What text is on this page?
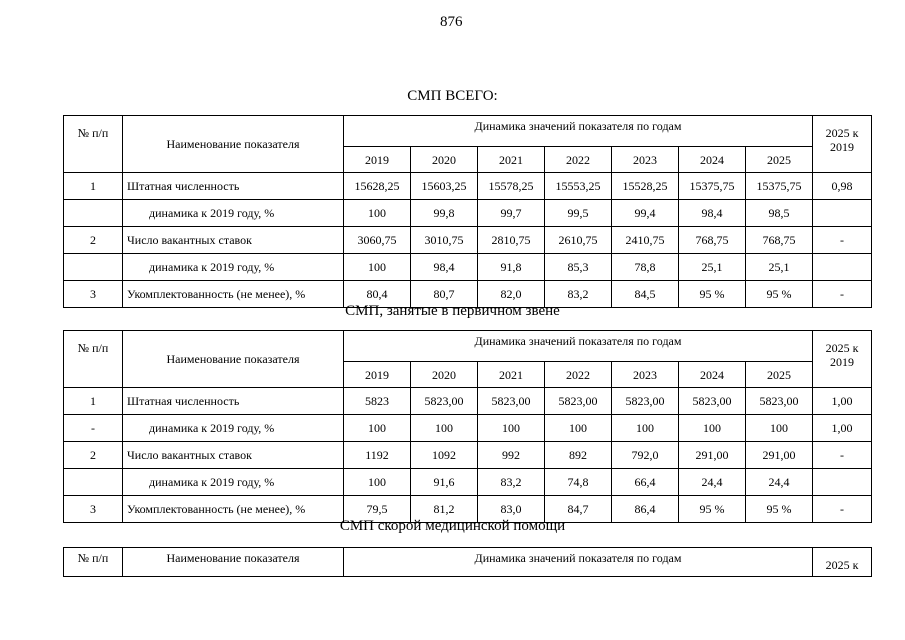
876
СМП ВСЕГО:
№ п/п	Наименование показателя	Динамика значений показателя по годам							2025 к
2019

		2019	2020	2021	2022	2023	2024	2025	
1	Штатная численность	15628,25	15603,25	15578,25	15553,25	15528,25	15375,75	15375,75	0,98
	динамика к 2019 году, %	100	99,8	99,7	99,5	99,4	98,4	98,5	
2	Число вакантных ставок	3060,75	3010,75	2810,75	2610,75	2410,75	768,75	768,75	-
	динамика к 2019 году, %	100	98,4	91,8	85,3	78,8	25,1	25,1	
3	Укомплектованность (не менее), %	80,4	80,7	82,0	83,2	84,5	95 %	95 %	-
СМП, занятые в первичном звене
№ п/п	Наименование показателя	Динамика значений показателя по годам							2025 к
2019

		2019	2020	2021	2022	2023	2024	2025	
1	Штатная численность	5823	5823,00	5823,00	5823,00	5823,00	5823,00	5823,00	1,00
-	динамика к 2019 году, %	100	100	100	100	100	100	100	1,00
2	Число вакантных ставок	1192	1092	992	892	792,0	291,00	291,00	-
	динамика к 2019 году, %	100	91,6	83,2	74,8	66,4	24,4	24,4	
3	Укомплектованность (не менее), %	79,5	81,2	83,0	84,7	86,4	95 %	95 %	-
СМП скорой медицинской помощи
№ п/п	Наименование показателя	Динамика значений показателя по годам	2025 к
